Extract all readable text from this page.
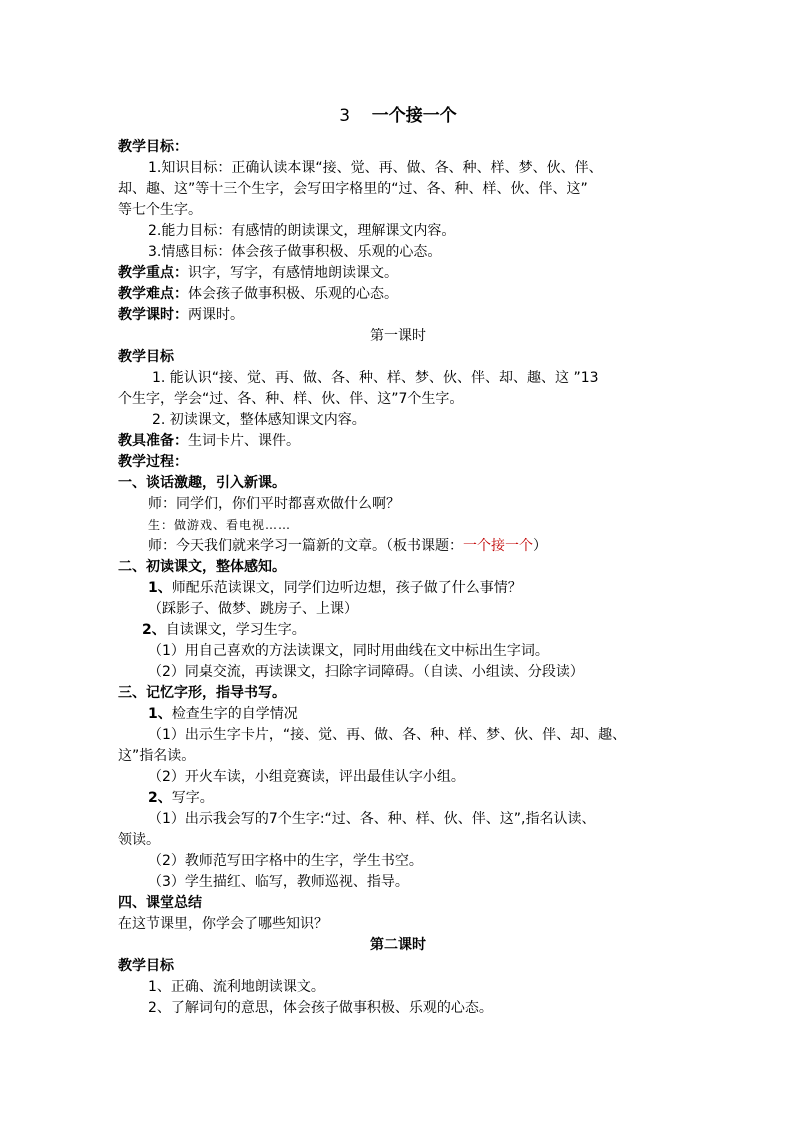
3 一个接一个
教学目标：
1.知识目标：正确认读本课“接、觉、再、做、各、种、样、梦、伙、伴、
却、趣、这”等十三个生字，会写田字格里的“过、各、种、样、伙、伴、这”
等七个生字。
2.能力目标：有感情的朗读课文，理解课文内容。
3.情感目标：体会孩子做事积极、乐观的心态。
教学重点：识字，写字，有感情地朗读课文。
教学难点：体会孩子做事积极、乐观的心态。
教学课时：两课时。
第一课时
教学目标
1. 能认识“接、觉、再、做、各、种、样、梦、伙、伴、却、趣、这 ”13
个生字，学会“过、各、种、样、伙、伴、这”7个生字。
2. 初读课文，整体感知课文内容。
教具准备：生词卡片、课件。
教学过程：
一、谈话激趣，引入新课。
师：同学们，你们平时都喜欢做什么啊？
生：做游戏、看电视……
师：今天我们就来学习一篇新的文章。（板书课题：一个接一个）
二、初读课文，整体感知。
1、师配乐范读课文，同学们边听边想，孩子做了什么事情？
（踩影子、做梦、跳房子、上课）
2、自读课文，学习生字。
（1）用自己喜欢的方法读课文，同时用曲线在文中标出生字词。
（2）同桌交流，再读课文，扫除字词障碍。（自读、小组读、分段读）
三、记忆字形，指导书写。
1、检查生字的自学情况
（1）出示生字卡片，“接、觉、再、做、各、种、样、梦、伙、伴、却、趣、
这”指名读。
（2）开火车读，小组竞赛读，评出最佳认字小组。
2、写字。
（1）出示我会写的7个生字:“过、各、种、样、伙、伴、这”,指名认读、
领读。
（2）教师范写田字格中的生字，学生书空。
（3）学生描红、临写，教师巡视、指导。
四、课堂总结
在这节课里，你学会了哪些知识？
第二课时
教学目标
1、正确、流利地朗读课文。
2、了解词句的意思，体会孩子做事积极、乐观的心态。
